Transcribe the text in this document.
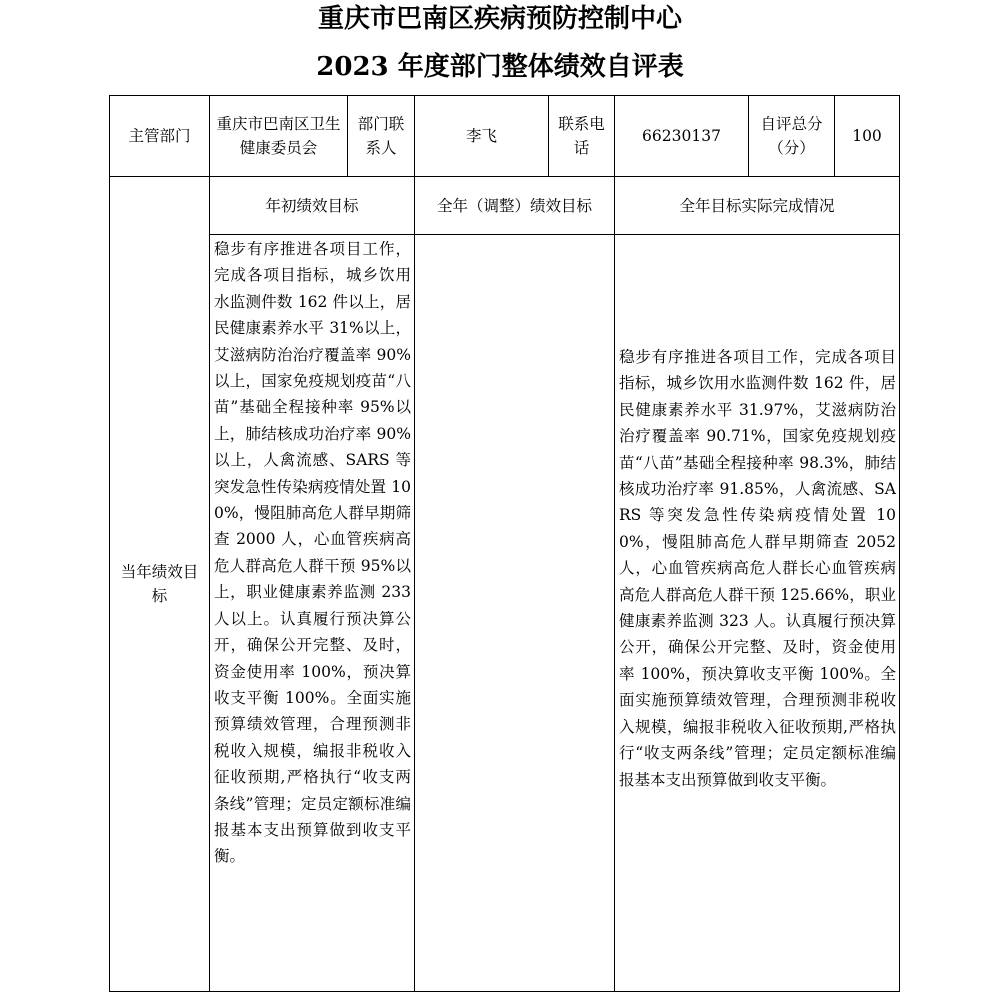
重庆市巴南区疾病预防控制中心
2023 年度部门整体绩效自评表
主管部门
重庆市巴南区卫生健康委员会
部门联系人
李飞
联系电话
66230137
自评总分（分）
100
年初绩效目标	全年（调整）绩效目标	全年目标实际完成情况
当年绩效目标
稳步有序推进各项目工作，完成各项目指标，城乡饮用水监测件数 162 件以上，居民健康素养水平 31%以上，艾滋病防治治疗覆盖率 90%以上，国家免疫规划疫苗“八苗”基础全程接种率 95%以上，肺结核成功治疗率 90%以上，人禽流感、SARS 等突发急性传染病疫情处置 100%，慢阻肺高危人群早期筛查 2000 人，心血管疾病高危人群高危人群干预 95%以上，职业健康素养监测 233 人以上。认真履行预决算公开，确保公开完整、及时，资金使用率 100%，预决算收支平衡 100%。全面实施预算绩效管理，合理预测非税收入规模，编报非税收入征收预期,严格执行“收支两条线”管理；定员定额标准编报基本支出预算做到收支平衡。
稳步有序推进各项目工作，完成各项目指标，城乡饮用水监测件数 162 件，居民健康素养水平 31.97%，艾滋病防治治疗覆盖率 90.71%，国家免疫规划疫苗“八苗”基础全程接种率 98.3%，肺结核成功治疗率 91.85%，人禽流感、SARS 等突发急性传染病疫情处置 100%，慢阻肺高危人群早期筛查 2052 人，心血管疾病高危人群长心血管疾病高危人群高危人群干预 125.66%，职业健康素养监测 323 人。认真履行预决算公开，确保公开完整、及时，资金使用率 100%，预决算收支平衡 100%。全面实施预算绩效管理，合理预测非税收入规模，编报非税收入征收预期,严格执行“收支两条线”管理；定员定额标准编报基本支出预算做到收支平衡。
